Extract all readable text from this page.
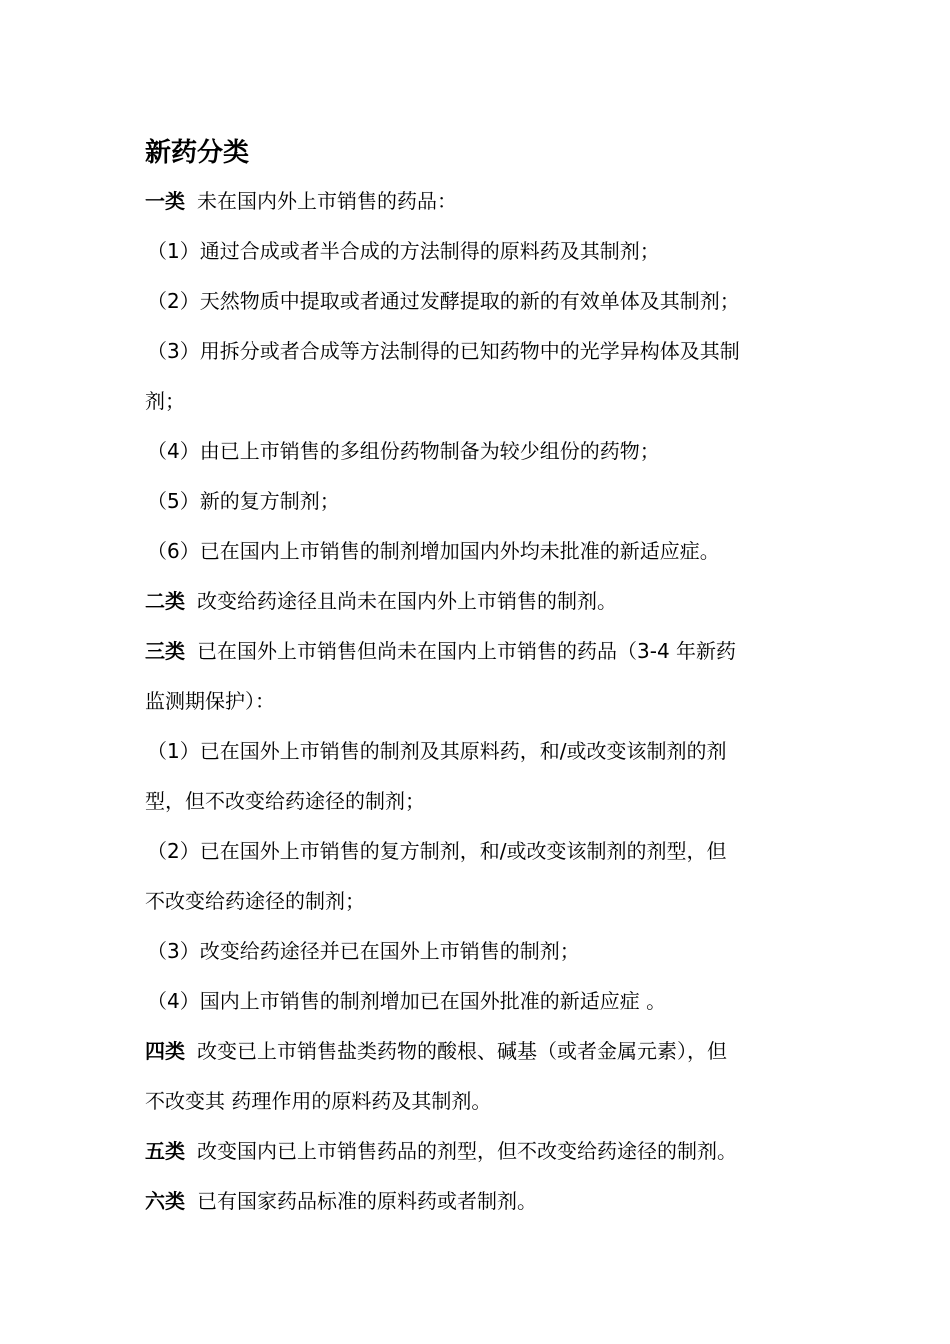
新药分类
一类 未在国内外上市销售的药品：
（1）通过合成或者半合成的方法制得的原料药及其制剂；
（2）天然物质中提取或者通过发酵提取的新的有效单体及其制剂；
（3）用拆分或者合成等方法制得的已知药物中的光学异构体及其制
剂；
（4）由已上市销售的多组份药物制备为较少组份的药物；
（5）新的复方制剂；
（6）已在国内上市销售的制剂增加国内外均未批准的新适应症。
二类 改变给药途径且尚未在国内外上市销售的制剂。
三类 已在国外上市销售但尚未在国内上市销售的药品（3-4 年新药
监测期保护）：
（1）已在国外上市销售的制剂及其原料药，和/或改变该制剂的剂
型，但不改变给药途径的制剂；
（2）已在国外上市销售的复方制剂，和/或改变该制剂的剂型，但
不改变给药途径的制剂；
（3）改变给药途径并已在国外上市销售的制剂；
（4）国内上市销售的制剂增加已在国外批准的新适应症 。
四类 改变已上市销售盐类药物的酸根、碱基（或者金属元素），但
不改变其 药理作用的原料药及其制剂。
五类 改变国内已上市销售药品的剂型，但不改变给药途径的制剂。
六类 已有国家药品标准的原料药或者制剂。
